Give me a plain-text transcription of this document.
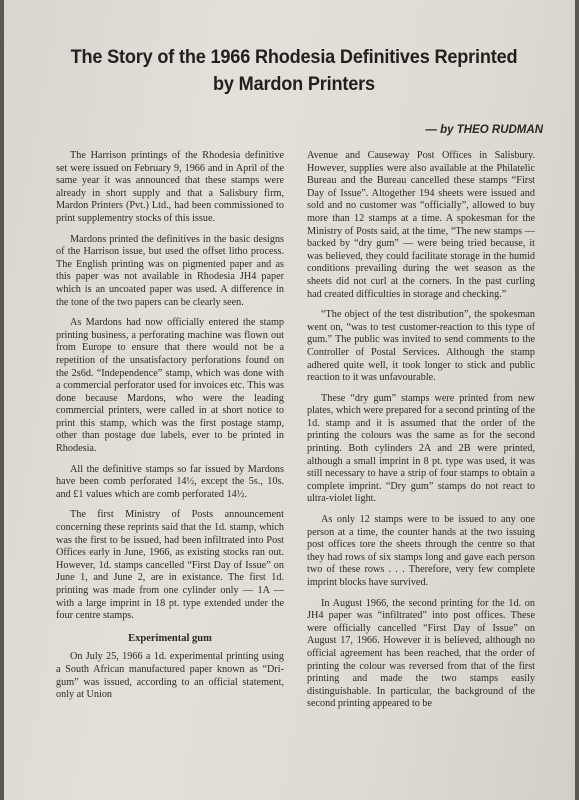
The Story of the 1966 Rhodesia Definitives Reprinted by Mardon Printers
— by THEO RUDMAN

The Harrison printings of the Rhodesia definitive set were issued on February 9, 1966 and in April of the same year it was announced that these stamps were already in short supply and that a Salisbury firm, Mardon Printers (Pvt.) Ltd., had been commissioned to print supplementry stocks of this issue.

Mardons printed the definitives in the basic designs of the Harrison issue, but used the offset litho process. The English printing was on pigmented paper and as this paper was not available in Rhodesia JH4 paper which is an uncoated paper was used. A difference in the tone of the two papers can be clearly seen.

As Mardons had now officially entered the stamp printing business, a perforating machine was flown out from Europe to ensure that there would not be a repetition of the unsatisfactory perforations found on the 2s6d. “Independence” stamp, which was done with a commercial perforator used for invoices etc. This was done because Mardons, who were the leading commercial printers, were called in at short notice to print this stamp, which was the first postage stamp, other than postage due labels, ever to be printed in Rhodesia.

All the definitive stamps so far issued by Mardons have been comb perforated 14½, except the 5s., 10s. and £1 values which are comb perforated 14½.

The first Ministry of Posts announcement concerning these reprints said that the 1d. stamp, which was the first to be issued, had been infiltrated into Post Offices early in June, 1966, as existing stocks ran out. However, 1d. stamps cancelled “First Day of Issue” on June 1, and June 2, are in existance. The first 1d. printing was made from one cylinder only — 1A — with a large imprint in 18 pt. type extended under the four centre stamps.

Experimental gum

On July 25, 1966 a 1d. experimental printing using a South African manufactured paper known as “Dri-gum” was issued, according to an official statement, only at Union

Avenue and Causeway Post Offices in Salisbury. However, supplies were also available at the Philatelic Bureau and the Bureau cancelled these stamps “First Day of Issue”. Altogether 194 sheets were issued and sold and no customer was “officially”, allowed to buy more than 12 stamps at a time. A spokesman for the Ministry of Posts said, at the time, “The new stamps — backed by “dry gum” — were being tried because, it was believed, they could facilitate storage in the humid conditions prevailing during the wet season as the sheets did not curl at the corners. In the past curling had created difficulties in storage and checking.”

“The object of the test distribution”, the spokesman went on, “was to test customer-reaction to this type of gum.” The public was invited to send comments to the Controller of Postal Services. Although the stamp adhered quite well, it took longer to stick and public reaction to it was unfavourable.

These “dry gum” stamps were printed from new plates, which were prepared for a second printing of the 1d. stamp and it is assumed that the order of the printing the colours was the same as for the second printing. Both cylinders 2A and 2B were printed, although a small imprint in 8 pt. type was used, it was still necessary to have a strip of four stamps to obtain a complete imprint. “Dry gum” stamps do not react to ultra-violet light.

As only 12 stamps were to be issued to any one person at a time, the counter hands at the two issuing post offices tore the sheets through the centre so that they had rows of six stamps long and gave each person two of these rows . . . Therefore, very few complete imprint blocks have survived.

In August 1966, the second printing for the 1d. on JH4 paper was “infiltrated” into post offices. These were officially cancelled “First Day of Issue” on August 17, 1966. However it is believed, although no official agreement has been reached, that the order of printing the colour was reversed from that of the first printing and made the two stamps easily distinguishable. In particular, the background of the second printing appeared to be
